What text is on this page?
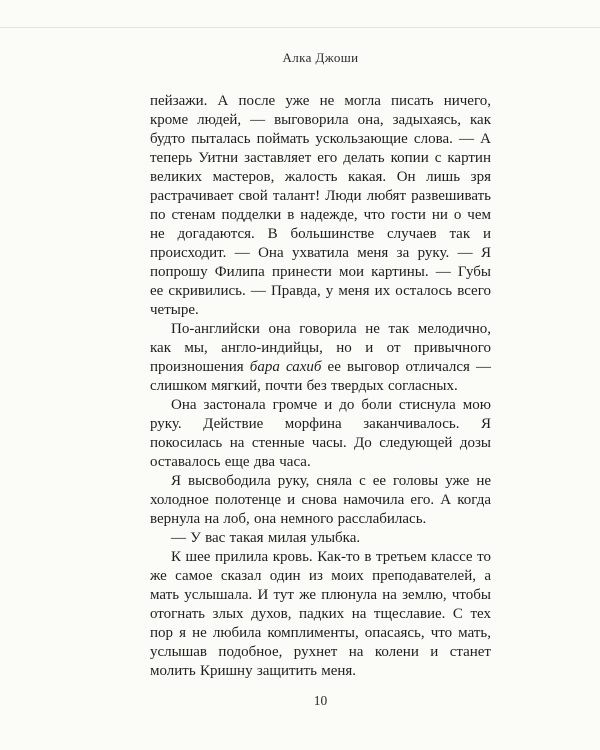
Алка Джоши

пейзажи. А после уже не могла писать ничего, кроме людей, — выговорила она, задыхаясь, как будто пыталась поймать ускользающие слова. — А теперь Уитни заставляет его делать копии с картин великих мастеров, жалость какая. Он лишь зря растрачивает свой талант! Люди любят развешивать по стенам подделки в надежде, что гости ни о чем не догадаются. В большинстве случаев так и происходит. — Она ухватила меня за руку. — Я попрошу Филипа принести мои картины. — Губы ее скривились. — Правда, у меня их осталось всего четыре.

По-английски она говорила не так мелодично, как мы, англо-индийцы, но и от привычного произношения бара сахиб ее выговор отличался — слишком мягкий, почти без твердых согласных.

Она застонала громче и до боли стиснула мою руку. Действие морфина заканчивалось. Я покосилась на стенные часы. До следующей дозы оставалось еще два часа.

Я высвободила руку, сняла с ее головы уже не холодное полотенце и снова намочила его. А когда вернула на лоб, она немного расслабилась.

— У вас такая милая улыбка.

К шее прилила кровь. Как-то в третьем классе то же самое сказал один из моих преподавателей, а мать услышала. И тут же плюнула на землю, чтобы отогнать злых духов, падких на тщеславие. С тех пор я не любила комплименты, опасаясь, что мать, услышав подобное, рухнет на колени и станет молить Кришну защитить меня.

10
